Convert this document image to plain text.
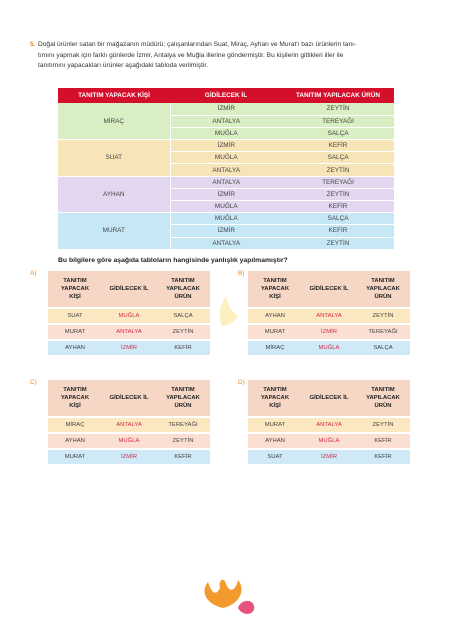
5. Doğal ürünler satan bir mağazanın müdürü; çalışanlarından Suat, Miraç, Ayhan ve Murat'ı bazı ürünlerin tanı-
tımını yapmak için farklı günlerde İzmir, Antalya ve Muğla illerine göndermiştir. Bu kişilerin gittikleri iller ile
tanıtımını yapacakları ürünler aşağıdaki tabloda verilmiştir.
TANITIM YAPACAK KİŞİ	GİDİLECEK İL	TANITIM YAPILACAK ÜRÜN
MİRAÇ	İZMİR	ZEYTİN
	ANTALYA	TEREYAĞI
	MUĞLA	SALÇA
SUAT	İZMİR	KEFİR
	MUĞLA	SALÇA
	ANTALYA	ZEYTİN
AYHAN	ANTALYA	TEREYAĞI
	İZMİR	ZEYTİN
	MUĞLA	KEFİR
MURAT	MUĞLA	SALÇA
	İZMİR	KEFİR
	ANTALYA	ZEYTİN
Bu bilgilere göre aşağıda tabloların hangisinde yanlışlık yapılmamıştır?
A)
TANITIM
YAPACAK
KİŞİ	GİDİLECEK İL	TANITIM
YAPILACAK
ÜRÜN

SUAT	MUĞLA	SALÇA
MURAT	ANTALYA	ZEYTİN
AYHAN	İZMİR	KEFİR
B)
TANITIM
YAPACAK
KİŞİ	GİDİLECEK İL	TANITIM
YAPILACAK
ÜRÜN

AYHAN	ANTALYA	ZEYTİN
MURAT	İZMİR	TEREYAĞI
MİRAÇ	MUĞLA	SALÇA
C)
TANITIM
YAPACAK
KİŞİ	GİDİLECEK İL	TANITIM
YAPILACAK
ÜRÜN

MİRAÇ	ANTALYA	TEREYAĞI
AYHAN	MUĞLA	ZEYTİN
MURAT	İZMİR	KEFİR
D)
TANITIM
YAPACAK
KİŞİ	GİDİLECEK İL	TANITIM
YAPILACAK
ÜRÜN

MURAT	ANTALYA	ZEYTİN
AYHAN	MUĞLA	KEFİR
SUAT	İZMİR	KEFİR
